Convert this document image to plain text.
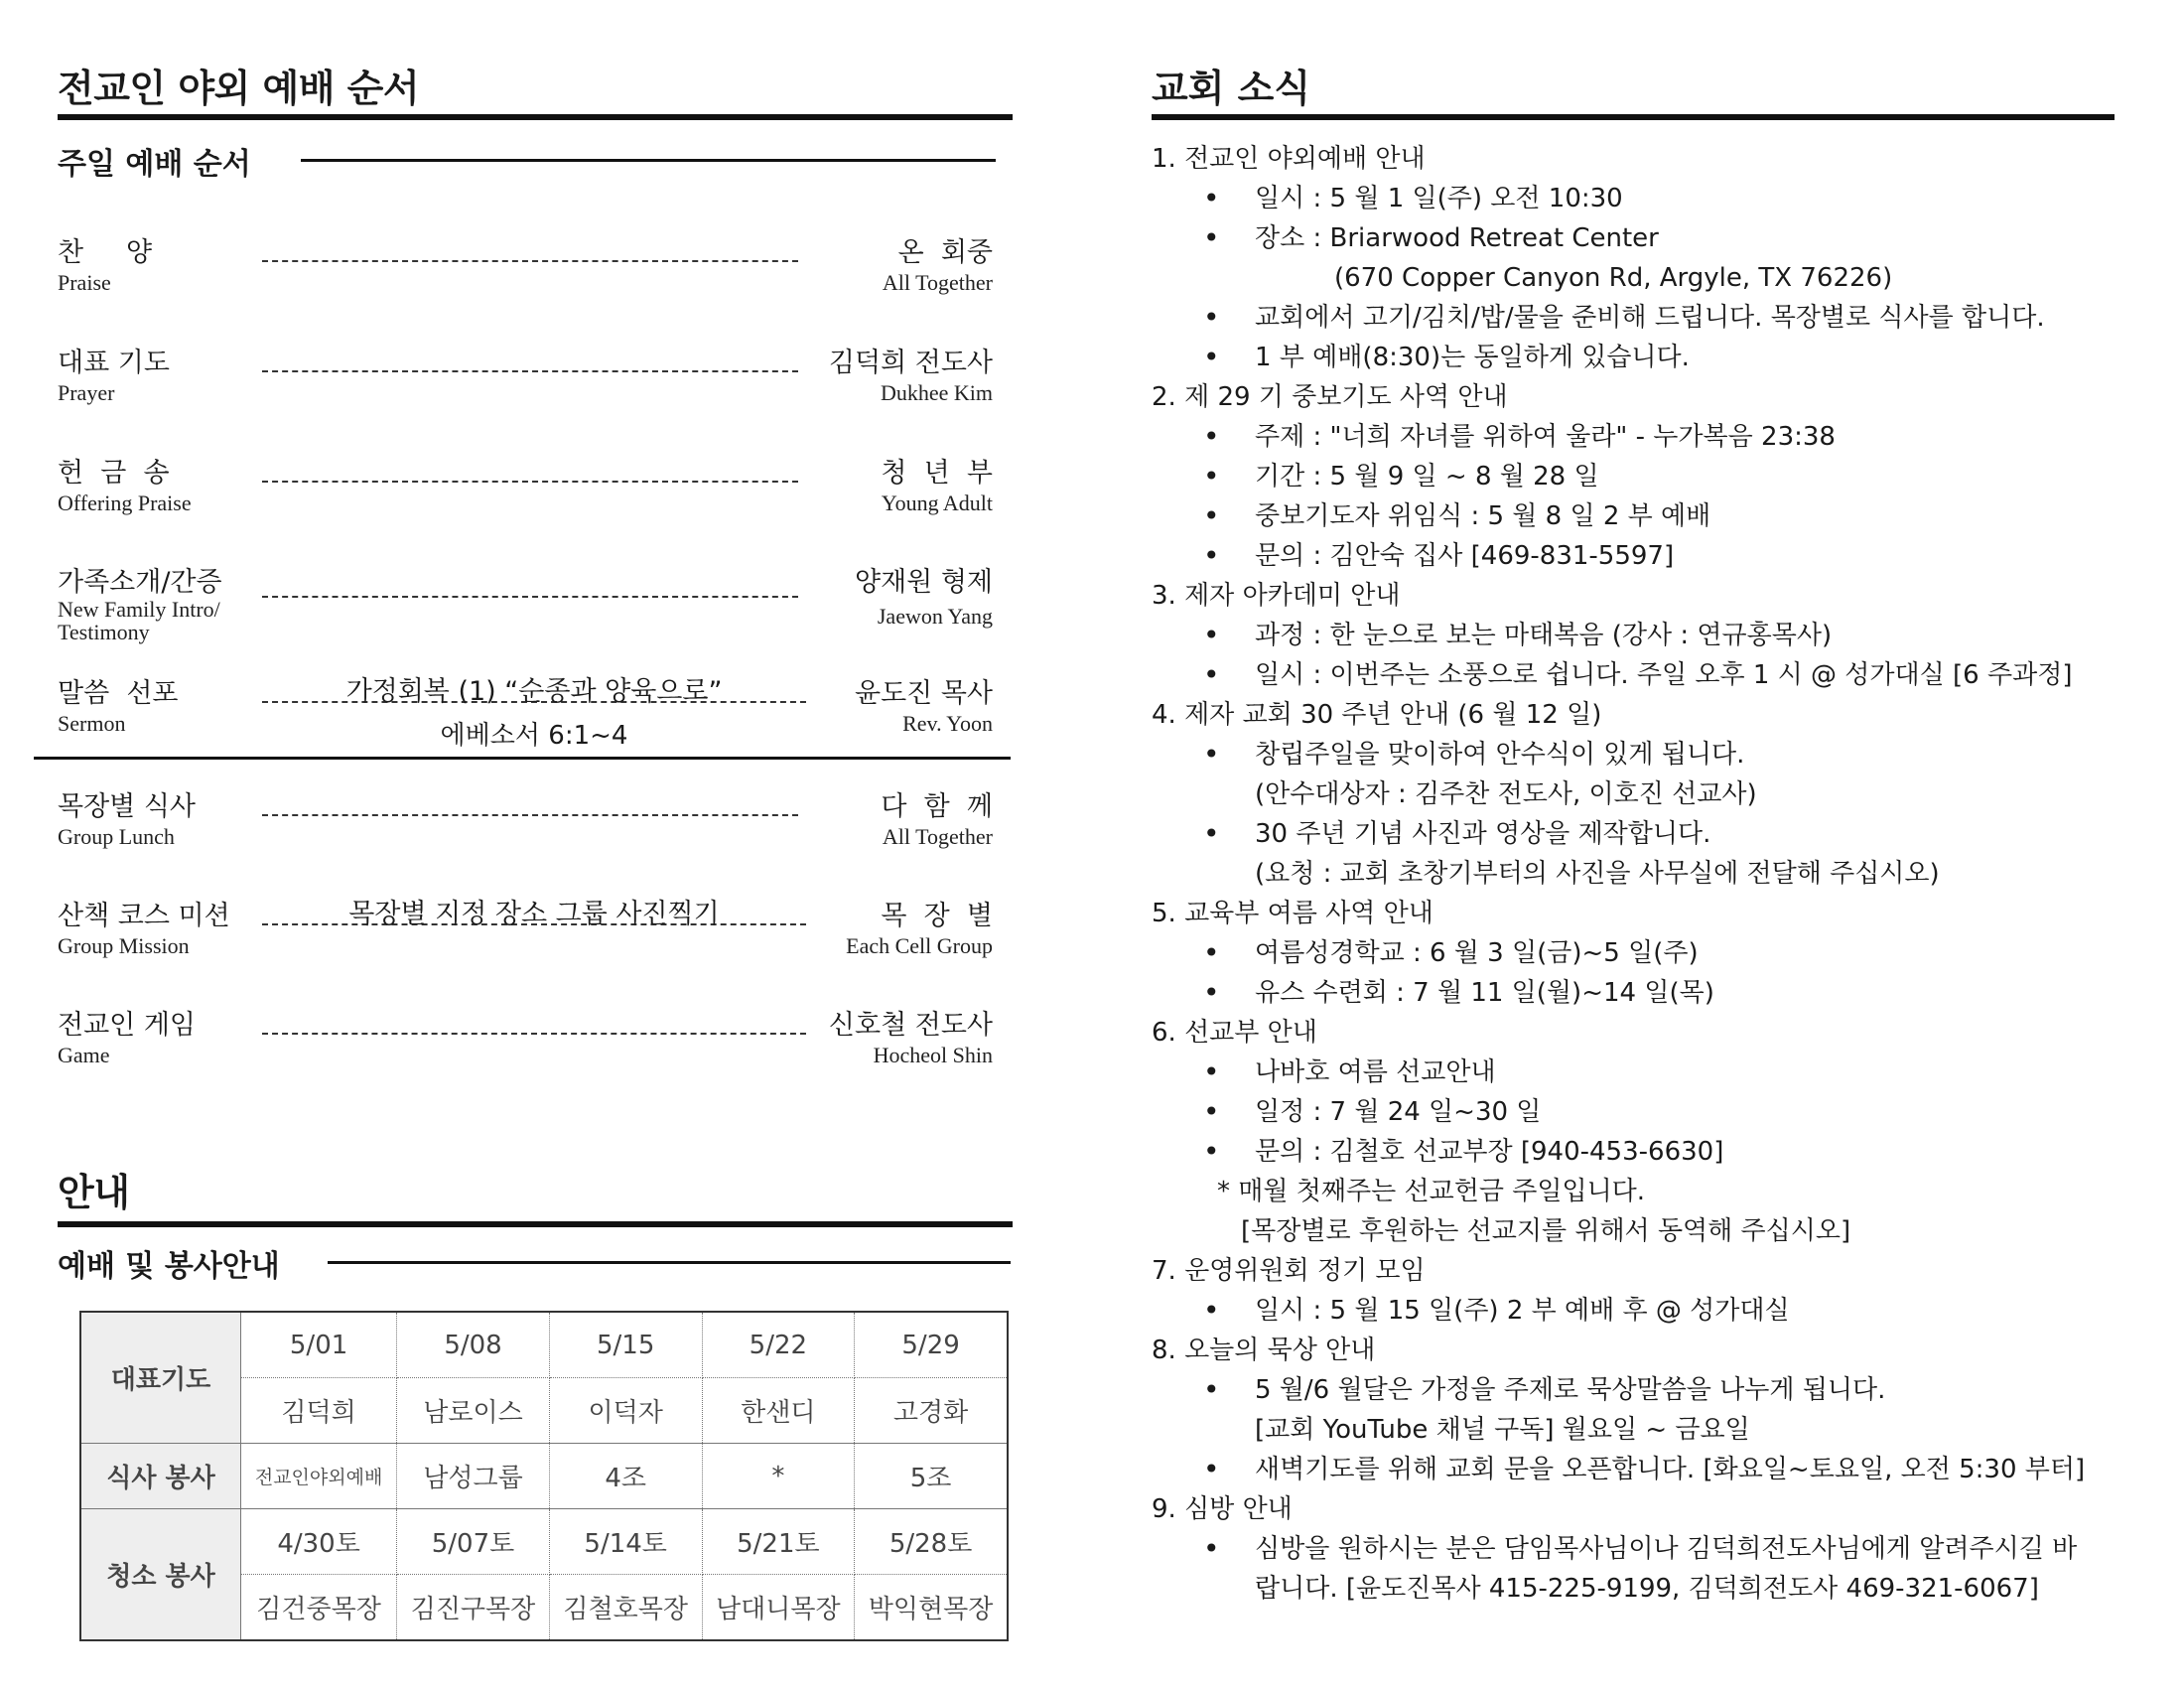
전교인 야외 예배 순서
주일 예배 순서
찬     양
Praise
온  회중
All Together
대표 기도
Prayer
김덕희 전도사
Dukhee Kim
헌  금  송
Offering Praise
청  년  부
Young Adult
가족소개/간증
New Family Intro/
Testimony
양재원 형제
Jaewon Yang
말씀  선포
Sermon
가정회복 (1) “순종과 양육으로”
에베소서 6:1~4
윤도진 목사
Rev. Yoon
목장별 식사
Group Lunch
다  함  께
All Together
산책 코스 미션
Group Mission
목장별 지정 장소 그룹 사진찍기	목  장  별
Each Cell Group
전교인 게임
Game
신호철 전도사
Hocheol Shin
안내
예배 및 봉사안내
대표기도	5/01	5/08	5/15	5/22	5/29
	김덕희	남로이스	이덕자	한샌디	고경화
식사 봉사	전교인야외예배	남성그룹	4조	*	5조
청소 봉사	4/30토	5/07토	5/14토	5/21토	5/28토
	김건중목장	김진구목장	김철호목장	남대니목장	박익현목장
교회 소식
1. 전교인 야외예배 안내
• 일시 : 5 월 1 일(주) 오전 10:30
• 장소 : Briarwood Retreat Center
(670 Copper Canyon Rd, Argyle, TX 76226)
• 교회에서 고기/김치/밥/물을 준비해 드립니다. 목장별로 식사를 합니다.
• 1 부 예배(8:30)는 동일하게 있습니다.
2. 제 29 기 중보기도 사역 안내
• 주제 : "너희 자녀를 위하여 울라" - 누가복음 23:38
• 기간 : 5 월 9 일 ~ 8 월 28 일
• 중보기도자 위임식 : 5 월 8 일 2 부 예배
• 문의 : 김안숙 집사 [469-831-5597]
3. 제자 아카데미 안내
• 과정 : 한 눈으로 보는 마태복음 (강사 : 연규홍목사)
• 일시 : 이번주는 소풍으로 쉽니다. 주일 오후 1 시 @ 성가대실 [6 주과정]
4. 제자 교회 30 주년 안내 (6 월 12 일)
• 창립주일을 맞이하여 안수식이 있게 됩니다.
(안수대상자 : 김주찬 전도사, 이호진 선교사)
• 30 주년 기념 사진과 영상을 제작합니다.
(요청 : 교회 초창기부터의 사진을 사무실에 전달해 주십시오)
5. 교육부 여름 사역 안내
• 여름성경학교 : 6 월 3 일(금)~5 일(주)
• 유스 수련회 : 7 월 11 일(월)~14 일(목)
6. 선교부 안내
• 나바호 여름 선교안내
• 일정 : 7 월 24 일~30 일
• 문의 : 김철호 선교부장 [940-453-6630]
* 매월 첫째주는 선교헌금 주일입니다.
[목장별로 후원하는 선교지를 위해서 동역해 주십시오]
7. 운영위원회 정기 모임
• 일시 : 5 월 15 일(주) 2 부 예배 후 @ 성가대실
8. 오늘의 묵상 안내
• 5 월/6 월달은 가정을 주제로 묵상말씀을 나누게 됩니다.
[교회 YouTube 채널 구독] 월요일 ~ 금요일
• 새벽기도를 위해 교회 문을 오픈합니다. [화요일~토요일, 오전 5:30 부터]
9. 심방 안내
• 심방을 원하시는 분은 담임목사님이나 김덕희전도사님에게 알려주시길 바
랍니다. [윤도진목사 415-225-9199, 김덕희전도사 469-321-6067]
